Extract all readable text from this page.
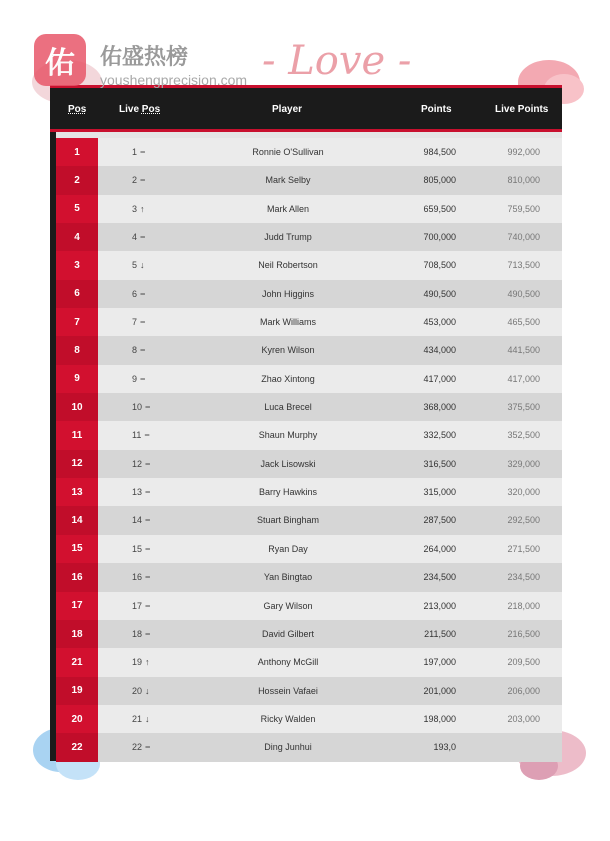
- Love -
Pos	Live Pos	Player	Points	Live Points
1	1 −	Ronnie O'Sullivan	984,500	992,000
2	2 −	Mark Selby	805,000	810,000
5	3 ↑	Mark Allen	659,500	759,500
4	4 −	Judd Trump	700,000	740,000
3	5 ↓	Neil Robertson	708,500	713,500
6	6 −	John Higgins	490,500	490,500
7	7 −	Mark Williams	453,000	465,500
8	8 −	Kyren Wilson	434,000	441,500
9	9 −	Zhao Xintong	417,000	417,000
10	10 −	Luca Brecel	368,000	375,500
11	11 −	Shaun Murphy	332,500	352,500
12	12 −	Jack Lisowski	316,500	329,000
13	13 −	Barry Hawkins	315,000	320,000
14	14 −	Stuart Bingham	287,500	292,500
15	15 −	Ryan Day	264,000	271,500
16	16 −	Yan Bingtao	234,500	234,500
17	17 −	Gary Wilson	213,000	218,000
18	18 −	David Gilbert	211,500	216,500
21	19 ↑	Anthony McGill	197,000	209,500
19	20 ↓	Hossein Vafaei	201,000	206,000
20	21 ↓	Ricky Walden	198,000	203,000
22	22 −	Ding Junhui	193,0
佑 佑盛热榜
youshengprecision.com
